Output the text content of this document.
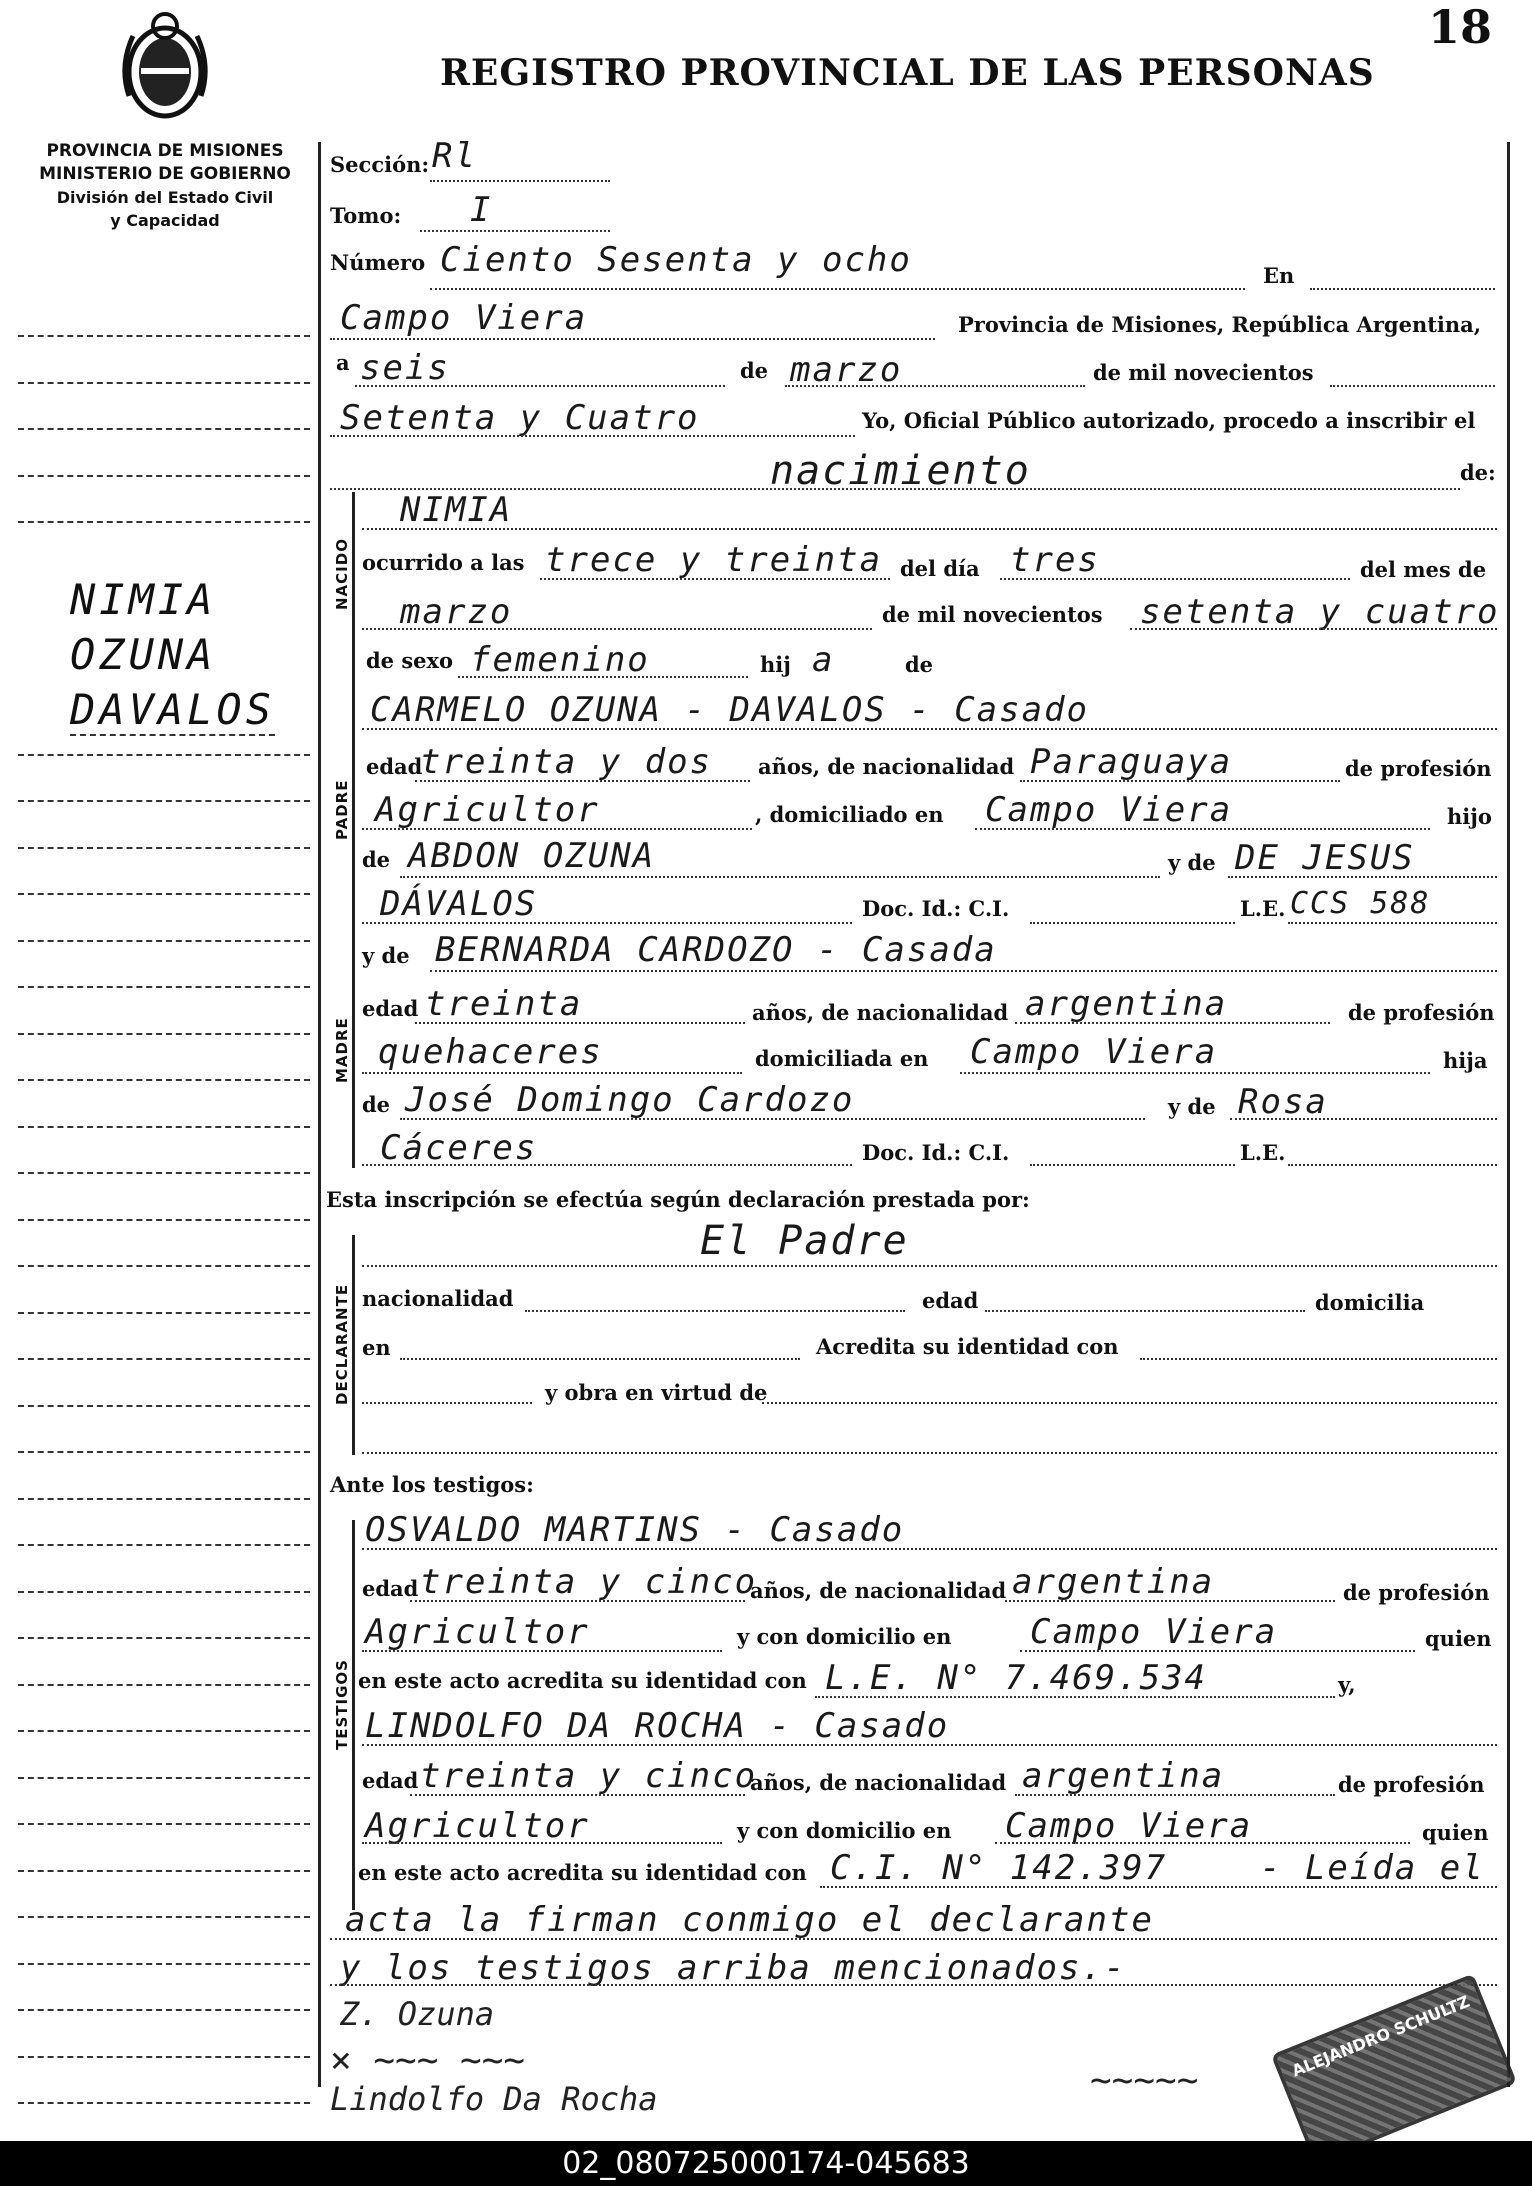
REGISTRO PROVINCIAL DE LAS PERSONAS
18
PROVINCIA DE MISIONES
MINISTERIO DE GOBIERNO
División del Estado Civil
y Capacidad
NIMIA
OZUNA
DAVALOS
NACIDO
PADRE
MADRE
DECLARANTE
TESTIGOS
Sección: Rl
Tomo: I
Número Ciento Sesenta y ocho	En
Campo Viera	Provincia de Misiones, República Argentina,
a seis	de marzo	de mil novecientos
Setenta y Cuatro	Yo, Oficial Público autorizado, procedo a inscribir el
nacimiento	de:
NIMIA
ocurrido a las trece y treinta del día tres	del mes de
marzo	de mil novecientos setenta y cuatro
de sexo femenino	hij a	de
CARMELO OZUNA - DAVALOS - Casado
edad
treinta y dos años, de nacionalidad Paraguaya	de profesión
Agricultor	, domiciliado en Campo Viera	hijo
de ABDON OZUNA	y de DE JESUS
DÁVALOS	Doc. Id.: C.I.	L.E. CCS 588
y de BERNARDA CARDOZO - Casada
edad treinta	años, de nacionalidad argentina	de profesión
quehaceres	domiciliada en Campo Viera	hija
de José Domingo Cardozo	y de Rosa
Cáceres	Doc. Id.: C.I.	L.E.
Esta inscripción se efectúa según declaración prestada por:
El Padre
nacionalidad	edad	domicilia
en	Acredita su identidad con
y obra en virtud de
Ante los testigos:
OSVALDO MARTINS - Casado
edad treinta y cinco
años, de nacionalidad argentina	de profesión
Agricultor	y con domicilio en Campo Viera	quien
en este acto acredita su identidad con L.E. N° 7.469.534	y,
LINDOLFO DA ROCHA - Casado
edad treinta y cinco
años, de nacionalidad argentina	de profesión
Agricultor	y con domicilio en Campo Viera	quien
en este acto acredita su identidad con C.I. N° 142.397	- Leída el
acta la firman conmigo el declarante
y los testigos arriba mencionados.-
Z. Ozuna
× ~~~ ~~~
Lindolfo Da Rocha	~~~~~
ALEJANDRO SCHULTZ
02_080725000174-045683
